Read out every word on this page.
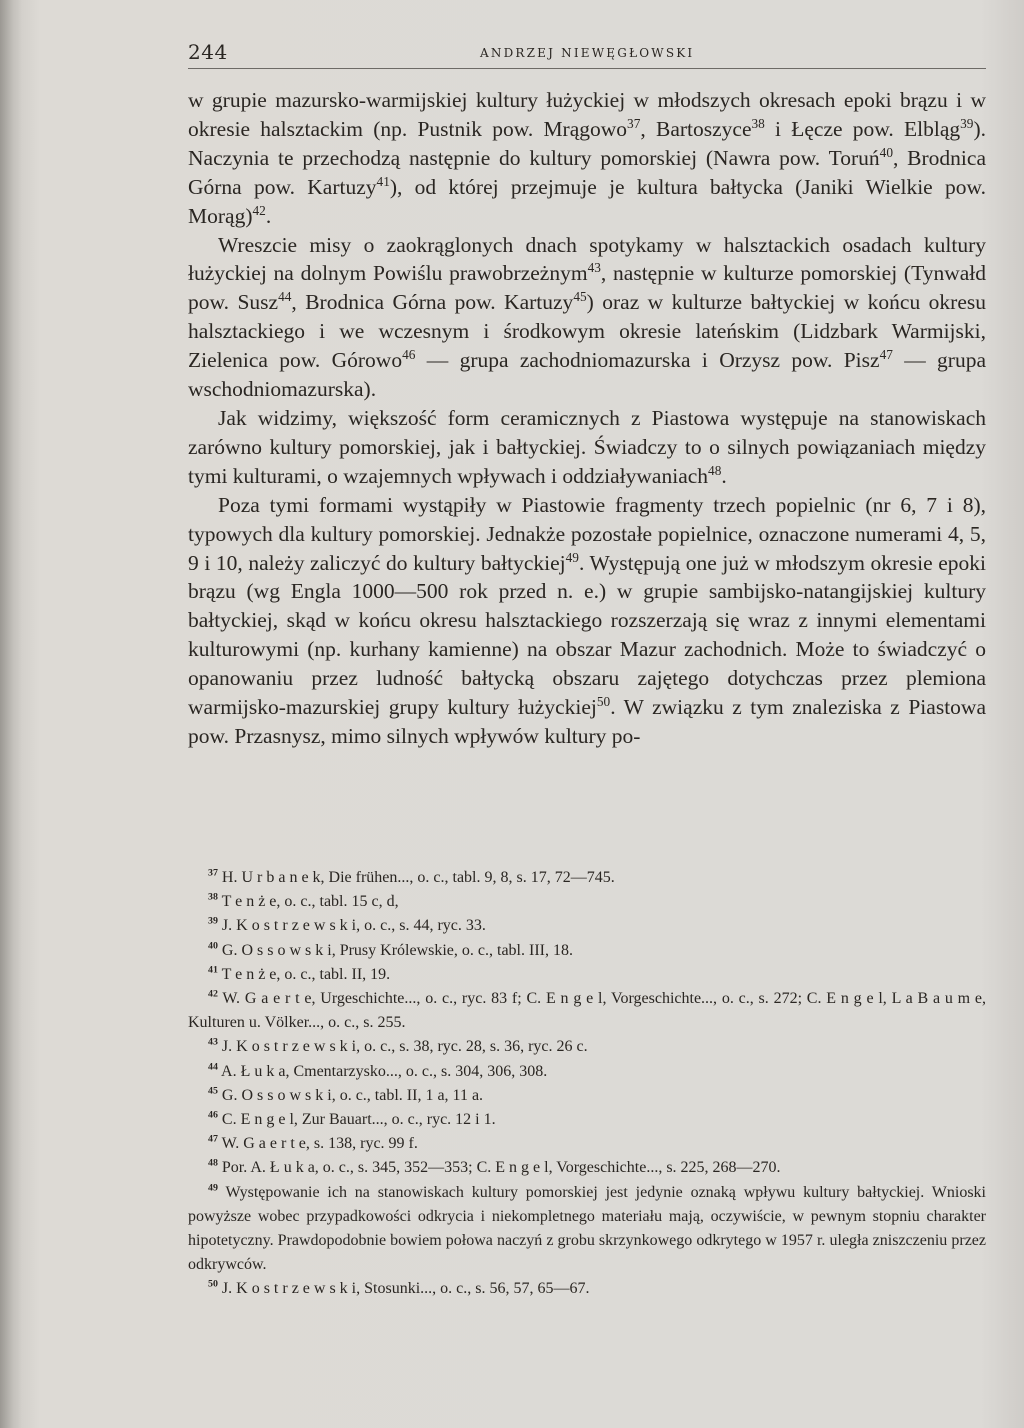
244	ANDRZEJ NIEWĘGŁOWSKI

w grupie mazursko-warmijskiej kultury łużyckiej w młodszych okresach epoki brązu i w okresie halsztackim (np. Pustnik pow. Mrągowo$^{37}$, Bartoszyce$^{38}$ i Łęcze pow. Elbląg$^{39}$). Naczynia te przechodzą następnie do kultury pomorskiej (Nawra pow. Toruń$^{40}$, Brodnica Górna pow. Kartuzy$^{41}$), od której przejmuje je kultura bałtycka (Janiki Wielkie pow. Morąg)$^{42}$.

Wreszcie misy o zaokrąglonych dnach spotykamy w halsztackich osadach kultury łużyckiej na dolnym Powiślu prawobrzeżnym$^{43}$, następnie w kulturze pomorskiej (Tynwałd pow. Susz$^{44}$, Brodnica Górna pow. Kartuzy$^{45}$) oraz w kulturze bałtyckiej w końcu okresu halsztackiego i we wczesnym i środkowym okresie lateńskim (Lidzbark Warmijski, Zielenica pow. Górowo$^{46}$ — grupa zachodniomazurska i Orzysz pow. Pisz$^{47}$ — grupa wschodniomazurska).

Jak widzimy, większość form ceramicznych z Piastowa występuje na stanowiskach zarówno kultury pomorskiej, jak i bałtyckiej. Świadczy to o silnych powiązaniach między tymi kulturami, o wzajemnych wpływach i oddziaływaniach$^{48}$.

Poza tymi formami wystąpiły w Piastowie fragmenty trzech popielnic (nr 6, 7 i 8), typowych dla kultury pomorskiej. Jednakże pozostałe popielnice, oznaczone numerami 4, 5, 9 i 10, należy zaliczyć do kultury bałtyckiej$^{49}$. Występują one już w młodszym okresie epoki brązu (wg Engla 1000—500 rok przed n. e.) w grupie sambijsko-natangijskiej kultury bałtyckiej, skąd w końcu okresu halsztackiego rozszerzają się wraz z innymi elementami kulturowymi (np. kurhany kamienne) na obszar Mazur zachodnich. Może to świadczyć o opanowaniu przez ludność bałtycką obszaru zajętego dotychczas przez plemiona warmijsko-mazurskiej grupy kultury łużyckiej$^{50}$. W związku z tym znaleziska z Piastowa pow. Przasnysz, mimo silnych wpływów kultury po-

$^{37}$ H. U r b a n e k, Die frühen..., o. c., tabl. 9, 8, s. 17, 72—745.

$^{38}$ T e n ż e, o. c., tabl. 15 c, d,

$^{39}$ J. K o s t r z e w s k i, o. c., s. 44, ryc. 33.

$^{40}$ G. O s s o w s k i, Prusy Królewskie, o. c., tabl. III, 18.

$^{41}$ T e n ż e, o. c., tabl. II, 19.

$^{42}$ W. G a e r t e, Urgeschichte..., o. c., ryc. 83 f; C. E n g e l, Vorgeschichte..., o. c., s. 272; C. E n g e l, L a B a u m e, Kulturen u. Völker..., o. c., s. 255.

$^{43}$ J. K o s t r z e w s k i, o. c., s. 38, ryc. 28, s. 36, ryc. 26 c.

$^{44}$ A. Ł u k a, Cmentarzysko..., o. c., s. 304, 306, 308.

$^{45}$ G. O s s o w s k i, o. c., tabl. II, 1 a, 11 a.

$^{46}$ C. E n g e l, Zur Bauart..., o. c., ryc. 12 i 1.

$^{47}$ W. G a e r t e, s. 138, ryc. 99 f.

$^{48}$ Por. A. Ł u k a, o. c., s. 345, 352—353; C. E n g e l, Vorgeschichte..., s. 225, 268—270.

$^{49}$ Występowanie ich na stanowiskach kultury pomorskiej jest jedynie oznaką wpływu kultury bałtyckiej. Wnioski powyższe wobec przypadkowości odkrycia i niekompletnego materiału mają, oczywiście, w pewnym stopniu charakter hipotetyczny. Prawdopodobnie bowiem połowa naczyń z grobu skrzynkowego odkrytego w 1957 r. uległa zniszczeniu przez odkrywców.

$^{50}$ J. K o s t r z e w s k i, Stosunki..., o. c., s. 56, 57, 65—67.
